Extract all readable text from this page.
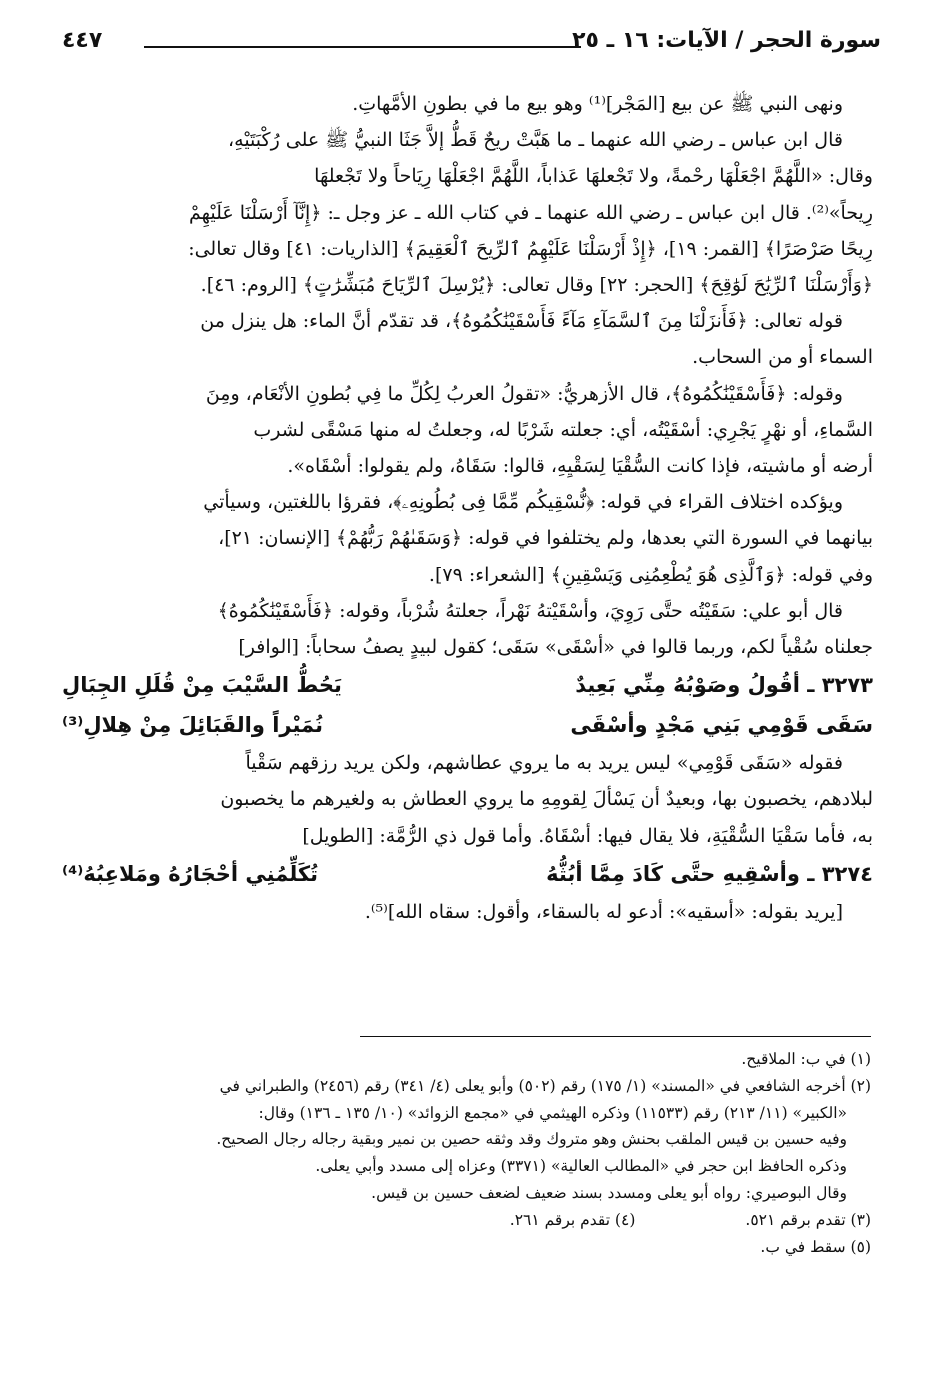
سورة الحجر / الآيات: ١٦ ـ ٢٥
٤٤٧

ونهى النبي ﷺ عن بيع [المَجْر]⁽¹⁾ وهو بيع ما في بطونِ الأمَّهاتِ.

قال ابن عباس ـ رضي الله عنهما ـ ما هَبَّتْ ريحٌ قَطُّ إلاَّ جَثَا النبيُّ ﷺ على رُكْبَتَيْهِ،

وقال: «اللَّهُمَّ اجْعَلْهَا رحْمةً، ولا تَجْعلهَا عَذاباً، اللَّهُمَّ اجْعَلْهَا رِيَاحاً ولا تَجْعلهَا

رِيحاً»⁽²⁾. قال ابن عباس ـ رضي الله عنهما ـ في كتاب الله ـ عز وجل ـ: ﴿إِنَّآ أَرْسَلْنَا عَلَيْهِمْ

رِيحًا صَرْصَرًا﴾ [القمر: ١٩]، ﴿إِذْ أَرْسَلْنَا عَلَيْهِمُ ٱلرِّيحَ ٱلْعَقِيمَ﴾ [الذاريات: ٤١] وقال تعالى:

﴿وَأَرْسَلْنَا ٱلرِّيَٰحَ لَوَٰقِحَ﴾ [الحجر: ٢٢] وقال تعالى: ﴿يُرْسِلَ ٱلرِّيَاحَ مُبَشِّرَٰتٍ﴾ [الروم: ٤٦].

قوله تعالى: ﴿فَأَنزَلْنَا مِنَ ٱلسَّمَآءِ مَآءً فَأَسْقَيْنَٰكُمُوهُ﴾، قد تقدّم أنَّ الماء: هل ينزل من

السماء أو من السحاب.

وقوله: ﴿فَأَسْقَيْنَٰكُمُوهُ﴾، قال الأزهريُّ: «تقولُ العربُ لِكُلِّ ما فِي بُطونِ الأنْعَام، ومِنَ

السَّماءِ، أو نهْرٍ يَجْرِي: أسْقَيْتُه، أي: جعلته شَرْبًا له، وجعلتُ له منها مَسْقًى لشرب

أرضه أو ماشيته، فإذا كانت السُّقْيَا لِسَقْيِهِ، قالوا: سَقَاهُ، ولم يقولوا: أسْقَاه».

ويؤكده اختلاف القراء في قوله: ﴿نُّسْقِيكُم مِّمَّا فِى بُطُونِهِۦ﴾، فقرؤا باللغتين، وسيأتي

بيانهما في السورة التي بعدها، ولم يختلفوا في قوله: ﴿وَسَقَىٰهُمْ رَبُّهُمْ﴾ [الإنسان: ٢١]،

وفي قوله: ﴿وَٱلَّذِى هُوَ يُطْعِمُنِى وَيَسْقِينِ﴾ [الشعراء: ٧٩].

قال أبو علي: سَقَيْتُه حتَّى رَوِيَ، وأسْقَيْتهُ نَهْراً، جعلتهُ شُرْباً، وقوله: ﴿فَأَسْقَيْنَٰكُمُوهُ﴾

جعلناه سُقْياً لكم، وربما قالوا في «أسْقَى» سَقَى؛ كقول لبيدٍ يصفُ سحاباً: [الوافر]

٣٢٧٣ ـ أقُولُ وصَوْبُهُ مِنِّي بَعِيدٌ
يَحُطُّ السَّيْبَ مِنْ قُلَلِ الجِبَالِ
سَقَى قَوْمِي بَنِي مَجْدٍ وأسْقَى
نُمَيْراً والقَبَائِلَ مِنْ هِلالِ⁽³⁾

فقوله «سَقَى قَوْمِي» ليس يريد به ما يروي عطاشهم، ولكن يريد رزقهم سَقْياً

لبلادهم، يخصبون بها، وبعيدٌ أن يَسْألَ لِقومِهِ ما يروي العطاش به ولغيرهم ما يخصبون

به، فأما سَقْيَا السُّقْيَةِ، فلا يقال فيها: أسْقَاهُ. وأما قول ذي الرُّمَّة: [الطويل]

٣٢٧٤ ـ وأسْقِيهِ حتَّى كَادَ مِمَّا أبُثُّهُ
تُكَلِّمُنِي أحْجَارُهُ ومَلاعِبُهُ⁽⁴⁾

[يريد بقوله: «أسقيه»: أدعو له بالسقاء، وأقول: سقاه الله]⁽⁵⁾.

(١) في ب: الملاقيح.
(٢) أخرجه الشافعي في «المسند» (١/ ١٧٥) رقم (٥٠٢) وأبو يعلى (٤/ ٣٤١) رقم (٢٤٥٦) والطبراني في
«الكبير» (١١/ ٢١٣) رقم (١١٥٣٣) وذكره الهيثمي في «مجمع الزوائد» (١٠/ ١٣٥ ـ ١٣٦) وقال:
وفيه حسين بن قيس الملقب بحنش وهو متروك وقد وثقه حصين بن نمير وبقية رجاله رجال الصحيح.
وذكره الحافظ ابن حجر في «المطالب العالية» (٣٣٧١) وعزاه إلى مسدد وأبي يعلى.
وقال البوصيري: رواه أبو يعلى ومسدد بسند ضعيف لضعف حسين بن قيس.
(٣) تقدم برقم ٥٢١.
(٤) تقدم برقم ٢٦١.
(٥) سقط في ب.
